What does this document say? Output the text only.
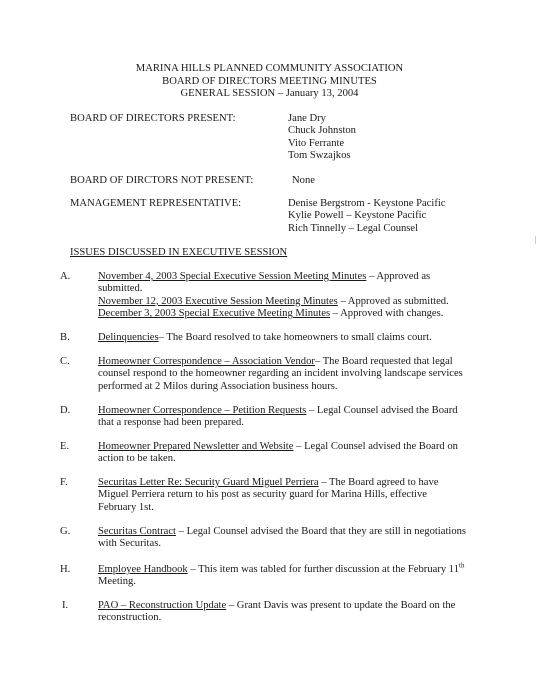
MARINA HILLS PLANNED COMMUNITY ASSOCIATION
BOARD OF DIRECTORS MEETING MINUTES
GENERAL SESSION – January 13, 2004
BOARD OF DIRECTORS PRESENT:	Jane Dry
Chuck Johnston
Vito Ferrante
Tom Swzajkos
BOARD OF DIRCTORS NOT PRESENT:	None
MANAGEMENT REPRESENTATIVE:	Denise Bergstrom - Keystone Pacific
Kylie Powell – Keystone Pacific
Rich Tinnelly – Legal Counsel
ISSUES DISCUSSED IN EXECUTIVE SESSION
A.	November 4, 2003 Special Executive Session Meeting Minutes – Approved as
submitted.
November 12, 2003 Executive Session Meeting Minutes – Approved as submitted.
December 3, 2003 Special Executive Meeting Minutes – Approved with changes.
B.	Delinquencies– The Board resolved to take homeowners to small claims court.
C.	Homeowner Correspondence – Association Vendor– The Board requested that legal
counsel respond to the homeowner regarding an incident involving landscape services
performed at 2 Milos during Association business hours.
D.	Homeowner Correspondence – Petition Requests – Legal Counsel advised the Board
that a response had been prepared.
E.	Homeowner Prepared Newsletter and Website – Legal Counsel advised the Board on
action to be taken.
F.	Securitas Letter Re: Security Guard Miguel Perriera – The Board agreed to have
Miguel Perriera return to his post as security guard for Marina Hills, effective
February 1st.
G.	Securitas Contract – Legal Counsel advised the Board that they are still in negotiations
with Securitas.
H.	Employee Handbook – This item was tabled for further discussion at the February 11th
Meeting.
I.	PAO – Reconstruction Update – Grant Davis was present to update the Board on the
reconstruction.
